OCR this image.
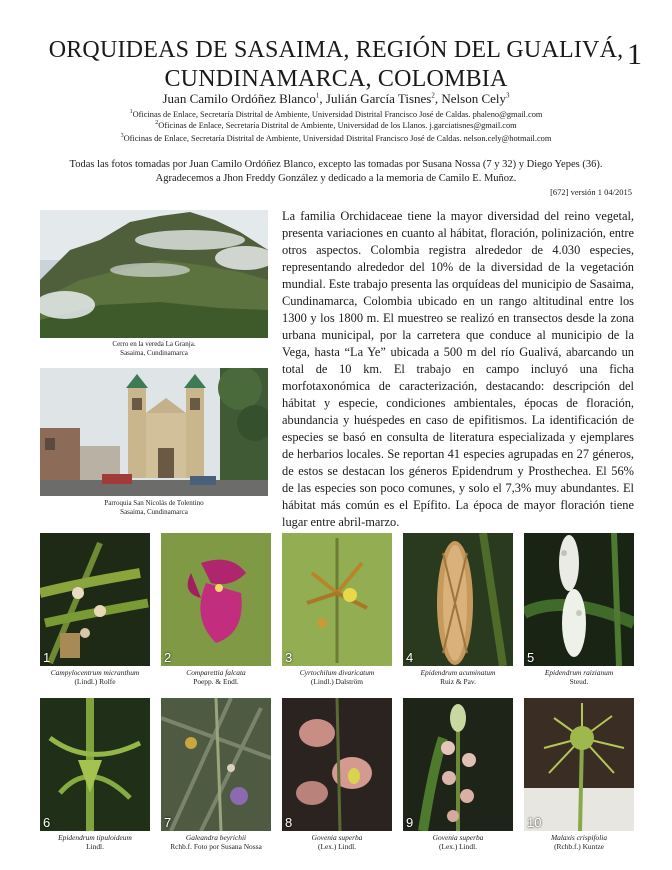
1
ORQUIDEAS DE SASAIMA, REGIÓN DEL GUALIVÁ,
CUNDINAMARCA, COLOMBIA
Juan Camilo Ordóñez Blanco$^1$, Julián García Tisnes$^2$, Nelson Cely$^3$
$^1$Oficinas de Enlace, Secretaría Distrital de Ambiente, Universidad Distrital Francisco José de Caldas. phaleno@gmail.com
$^2$Oficinas de Enlace, Secretaría Distrital de Ambiente, Universidad de los Llanos. j.garciatisnes@gmail.com
$^3$Oficinas de Enlace, Secretaría Distrital de Ambiente, Universidad Distrital Francisco José de Caldas. nelson.cely@hotmail.com
Todas las fotos tomadas por Juan Camilo Ordóñez Blanco, excepto las tomadas por Susana Nossa (7 y 32) y Diego Yepes (36).
Agradecemos a Jhon Freddy González y dedicado a la memoria de Camilo E. Muñoz.
[672] versión 1 04/2015
Cerro en la vereda La Granja.
Sasaima, Cundinamarca
Parroquia San Nicolás de Tolentino
Sasaima, Cundinamarca

La familia Orchidaceae tiene la mayor diversidad del reino vegetal, presenta variaciones en cuanto al hábitat, floración, polinización, entre otros aspectos. Colombia registra alrededor de 4.030 especies, representando alrededor del 10% de la diversidad de la vegetación mundial. Este trabajo presenta las orquídeas del municipio de Sasaima, Cundinamarca, Colombia ubicado en un rango altitudinal entre los 1300 y los 1800 m. El muestreo se realizó en transectos desde la zona urbana municipal, por la carretera que conduce al municipio de la Vega, hasta “La Ye” ubicada a 500 m del río Gualivá, abarcando un total de 10 km. El trabajo en campo incluyó una ficha morfotaxonómica de caracterización, destacando: descripción del hábitat y especie, condiciones ambientales, épocas de floración, abundancia y huéspedes en caso de epifitismos. La identificación de especies se basó en consulta de literatura especializada y ejemplares de herbarios locales. Se reportan 41 especies agrupadas en 27 géneros, de estos se destacan los géneros Epidendrum y Prosthechea. El 56% de las especies son poco comunes, y solo el 7,3% muy abundantes. El hábitat más común es el Epífito. La época de mayor floración tiene lugar entre abril-marzo.

1
Campylocentrum micranthum
(Lindl.) Rolfe
2
Comparettia falcata
Poepp. & Endl.
3
Cyrtochilum divaricatum
(Lindl.) Dalström
4
Epidendrum acuminatum
Ruiz & Pav.
5
Epidendrum raizianum
Steud.
6
Epidendrum tipuloideum
Lindl.
7
Galeandra beyrichii
Rchb.f. Foto por Susana Nossa
8
Govenia superba
(Lex.) Lindl.
9
Govenia superba
(Lex.) Lindl.
10
Malaxis crispifolia
(Rchb.f.) Kuntze
